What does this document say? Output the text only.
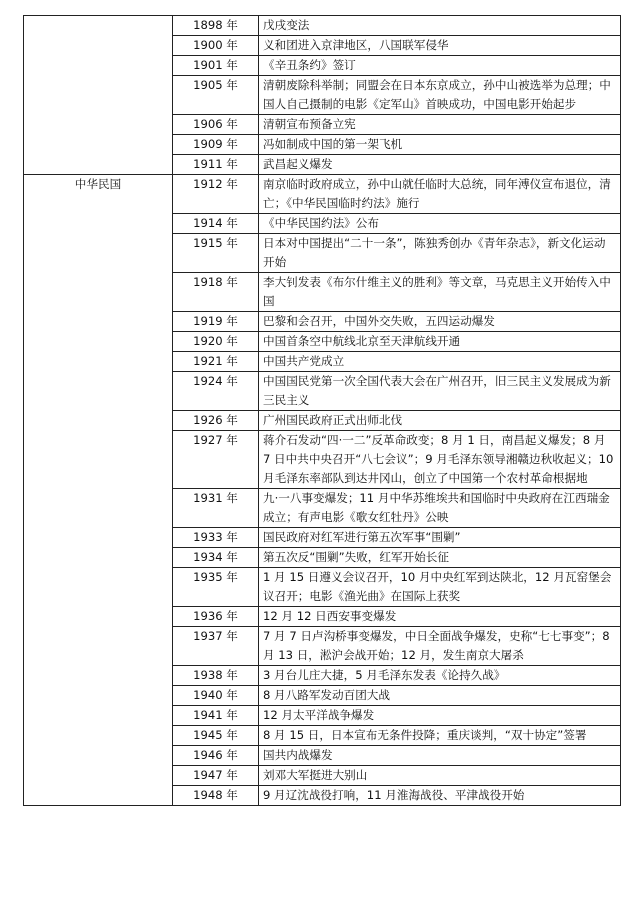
	1898 年	戊戌变法
	1900 年	义和团进入京津地区，八国联军侵华
	1901 年	《辛丑条约》签订
	1905 年	清朝废除科举制；同盟会在日本东京成立，孙中山被选举为总理；中国人自己摄制的电影《定军山》首映成功，中国电影开始起步
	1906 年	清朝宣布预备立宪
	1909 年	冯如制成中国的第一架飞机
	1911 年	武昌起义爆发
中华民国	1912 年	南京临时政府成立，孙中山就任临时大总统，同年溥仪宣布退位，清亡；《中华民国临时约法》施行
	1914 年	《中华民国约法》公布
	1915 年	日本对中国提出“二十一条”，陈独秀创办《青年杂志》，新文化运动开始
	1918 年	李大钊发表《布尔什维主义的胜利》等文章，马克思主义开始传入中国
	1919 年	巴黎和会召开，中国外交失败，五四运动爆发
	1920 年	中国首条空中航线北京至天津航线开通
	1921 年	中国共产党成立
	1924 年	中国国民党第一次全国代表大会在广州召开，旧三民主义发展成为新三民主义
	1926 年	广州国民政府正式出师北伐
	1927 年	蒋介石发动“四·一二”反革命政变；8 月 1 日，南昌起义爆发；8 月 7 日中共中央召开“八七会议”；9 月毛泽东领导湘赣边秋收起义；10 月毛泽东率部队到达井冈山，创立了中国第一个农村革命根据地
	1931 年	九·一八事变爆发；11 月中华苏维埃共和国临时中央政府在江西瑞金成立；有声电影《歌女红牡丹》公映
	1933 年	国民政府对红军进行第五次军事“围剿”
	1934 年	第五次反“围剿”失败，红军开始长征
	1935 年	1 月 15 日遵义会议召开，10 月中央红军到达陕北，12 月瓦窑堡会议召开；电影《渔光曲》在国际上获奖
	1936 年	12 月 12 日西安事变爆发
	1937 年	7 月 7 日卢沟桥事变爆发，中日全面战争爆发，史称“七七事变”；8 月 13 日，淞沪会战开始；12 月，发生南京大屠杀
	1938 年	3 月台儿庄大捷，5 月毛泽东发表《论持久战》
	1940 年	8 月八路军发动百团大战
	1941 年	12 月太平洋战争爆发
	1945 年	8 月 15 日，日本宣布无条件投降；重庆谈判，“双十协定”签署
	1946 年	国共内战爆发
	1947 年	刘邓大军挺进大别山
	1948 年	9 月辽沈战役打响，11 月淮海战役、平津战役开始
